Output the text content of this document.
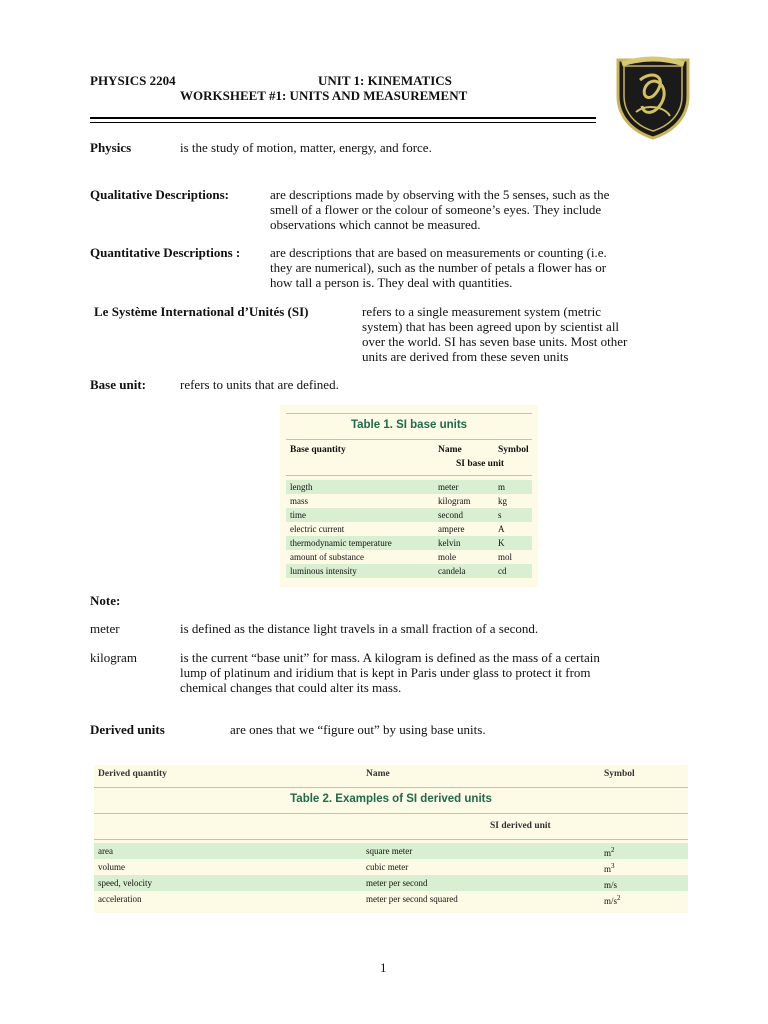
PHYSICS 2204	UNIT 1: KINEMATICS
WORKSHEET #1: UNITS AND MEASUREMENT
Physics	is the study of motion, matter, energy, and force.
Qualitative Descriptions:	are descriptions made by observing with the 5 senses, such as the
smell of a flower or the colour of someone’s eyes. They include
observations which cannot be measured.
Quantitative Descriptions : are descriptions that are based on measurements or counting (i.e.
they are numerical), such as the number of petals a flower has or
how tall a person is. They deal with quantities.
Le Système International d’Unités (SI)	refers to a single measurement system (metric
system) that has been agreed upon by scientist all
over the world. SI has seven base units. Most other
units are derived from these seven units
Base unit:	refers to units that are defined.
Table 1. SI base units
Base quantity	Name	Symbol
SI base unit
length	meter	m
mass	kilogram	kg
time	second	s
electric current	ampere	A
thermodynamic temperature	kelvin	K
amount of substance	mole	mol
luminous intensity	candela	cd
Note:
meter	is defined as the distance light travels in a small fraction of a second.
kilogram	is the current “base unit” for mass. A kilogram is defined as the mass of a certain
lump of platinum and iridium that is kept in Paris under glass to protect it from
chemical changes that could alter its mass.
Derived units	are ones that we “figure out” by using base units.
Derived quantity	Name	Symbol
Table 2. Examples of SI derived units
SI derived unit
area	square meter	$m^2$
volume	cubic meter	$m^3$
speed, velocity	meter per second	m/s
acceleration	meter per second squared	$m/s^2$
1
